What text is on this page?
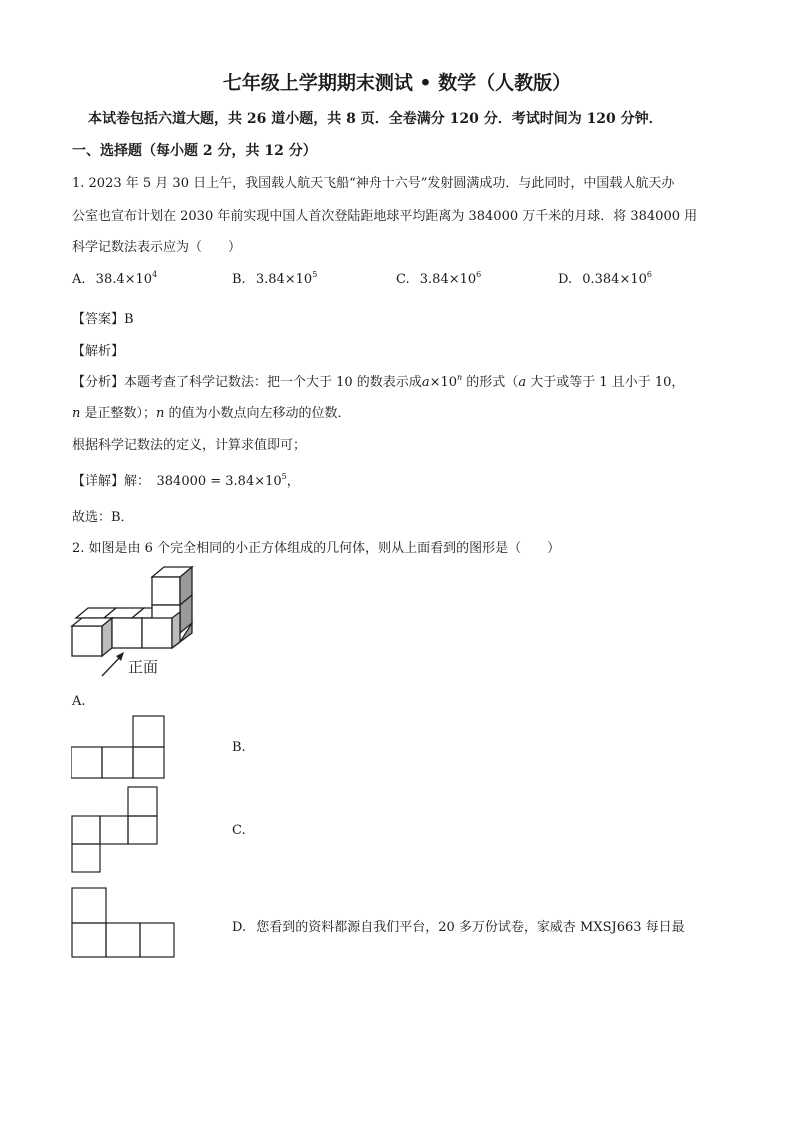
七年级上学期期末测试 • 数学（人教版）
本试卷包括六道大题，共 26 道小题，共 8 页．全卷满分 120 分．考试时间为 120 分钟．
一、选择题（每小题 2 分，共 12 分）
1. 2023 年 5 月 30 日上午，我国载人航天飞船“神舟十六号”发射圆满成功．与此同时，中国载人航天办
公室也宣布计划在 2030 年前实现中国人首次登陆距地球平均距离为 384000 万千米的月球．将 384000 用
科学记数法表示应为（　　）
A. $38.4\times 10^4$	B. $3.84\times 10^5$	C. $3.84\times 10^6$	D. $0.384\times 10^6$
【答案】B
【解析】
【分析】本题考查了科学记数法：把一个大于 10 的数表示成$a\times 10^n$ 的形式（a 大于或等于 1 且小于 10，
n 是正整数）；n 的值为小数点向左移动的位数．
根据科学记数法的定义，计算求值即可；
【详解】解：　$384000 = 3.84\times 10^5$，
故选：B．
2. 如图是由 6 个完全相同的小正方体组成的几何体，则从上面看到的图形是（　　）
正面
A.
B.
C.
D. 您看到的资料都源自我们平台，20 多万份试卷，家威杏 MXSJ663 每日最
